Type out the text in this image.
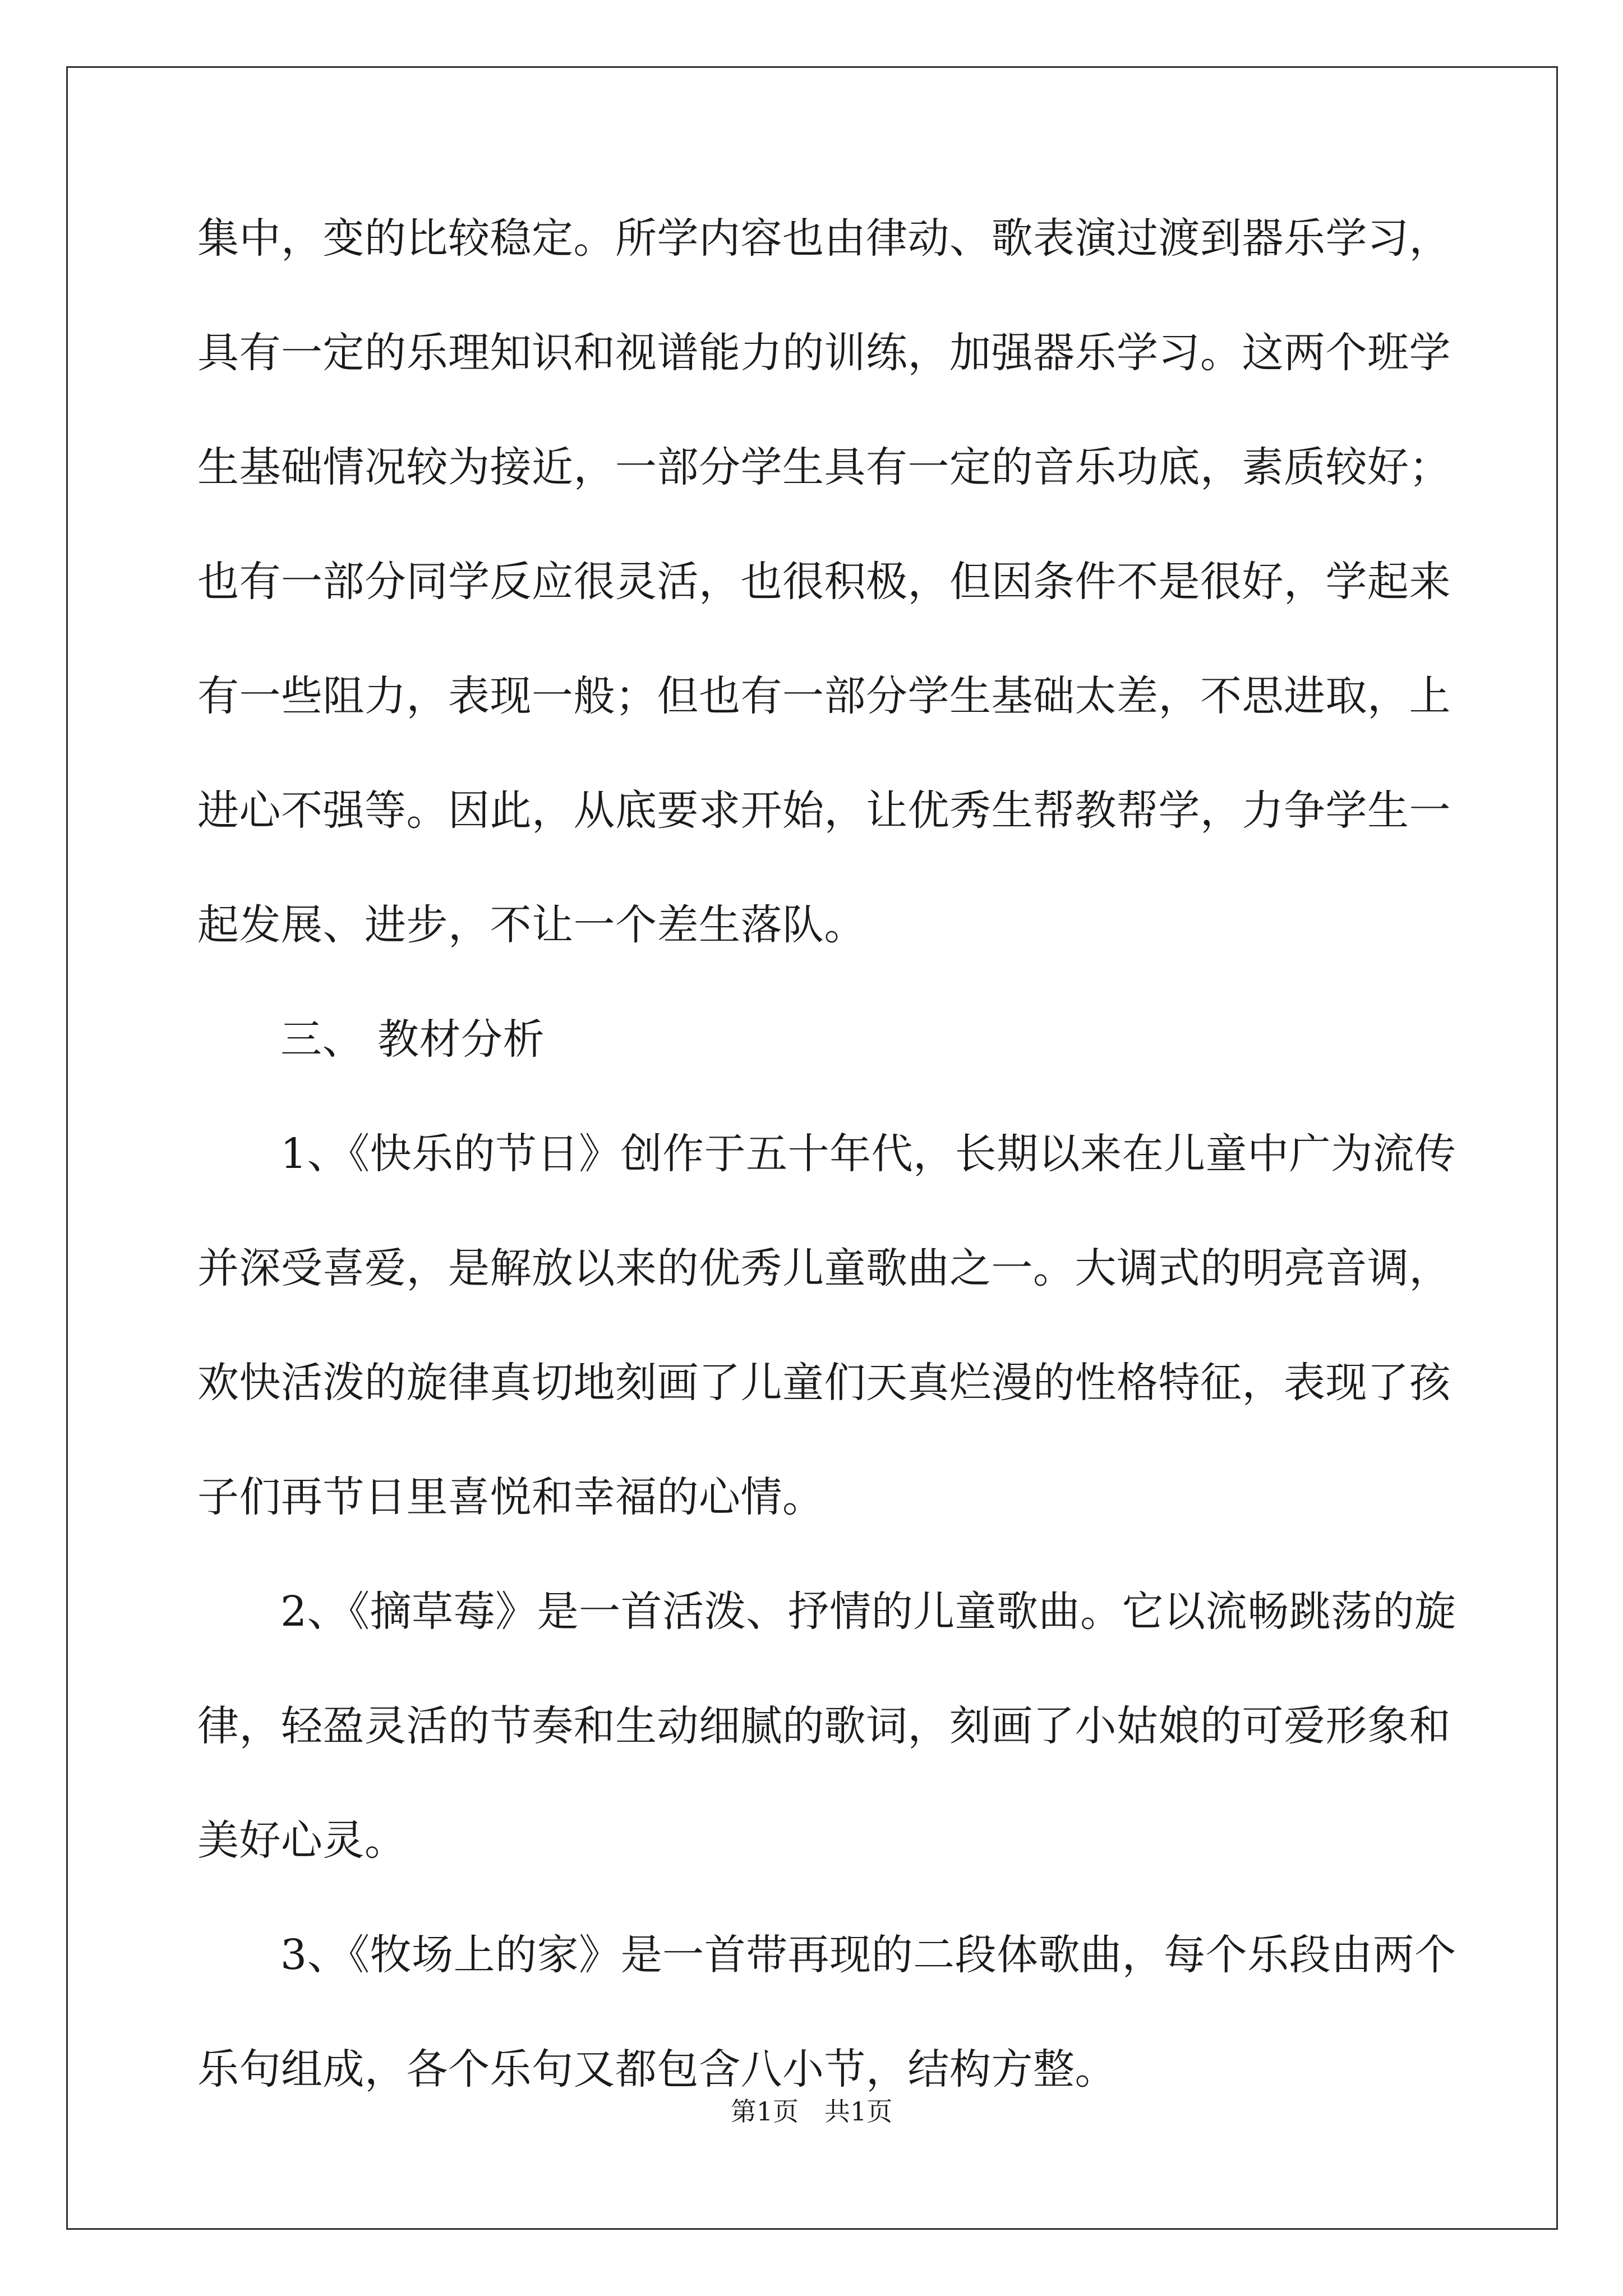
集中，变的比较稳定。所学内容也由律动、歌表演过渡到器乐学习，
具有一定的乐理知识和视谱能力的训练，加强器乐学习。这两个班学
生基础情况较为接近，一部分学生具有一定的音乐功底，素质较好；
也有一部分同学反应很灵活，也很积极，但因条件不是很好，学起来
有一些阻力，表现一般；但也有一部分学生基础太差，不思进取，上
进心不强等。因此，从底要求开始，让优秀生帮教帮学，力争学生一
起发展、进步，不让一个差生落队。
三、 教材分析
1、《快乐的节日》创作于五十年代，长期以来在儿童中广为流传
并深受喜爱，是解放以来的优秀儿童歌曲之一。大调式的明亮音调，
欢快活泼的旋律真切地刻画了儿童们天真烂漫的性格特征，表现了孩
子们再节日里喜悦和幸福的心情。
2、《摘草莓》是一首活泼、抒情的儿童歌曲。它以流畅跳荡的旋
律，轻盈灵活的节奏和生动细腻的歌词，刻画了小姑娘的可爱形象和
美好心灵。
3、《牧场上的家》是一首带再现的二段体歌曲，每个乐段由两个
乐句组成，各个乐句又都包含八小节，结构方整。
第1页 共1页
